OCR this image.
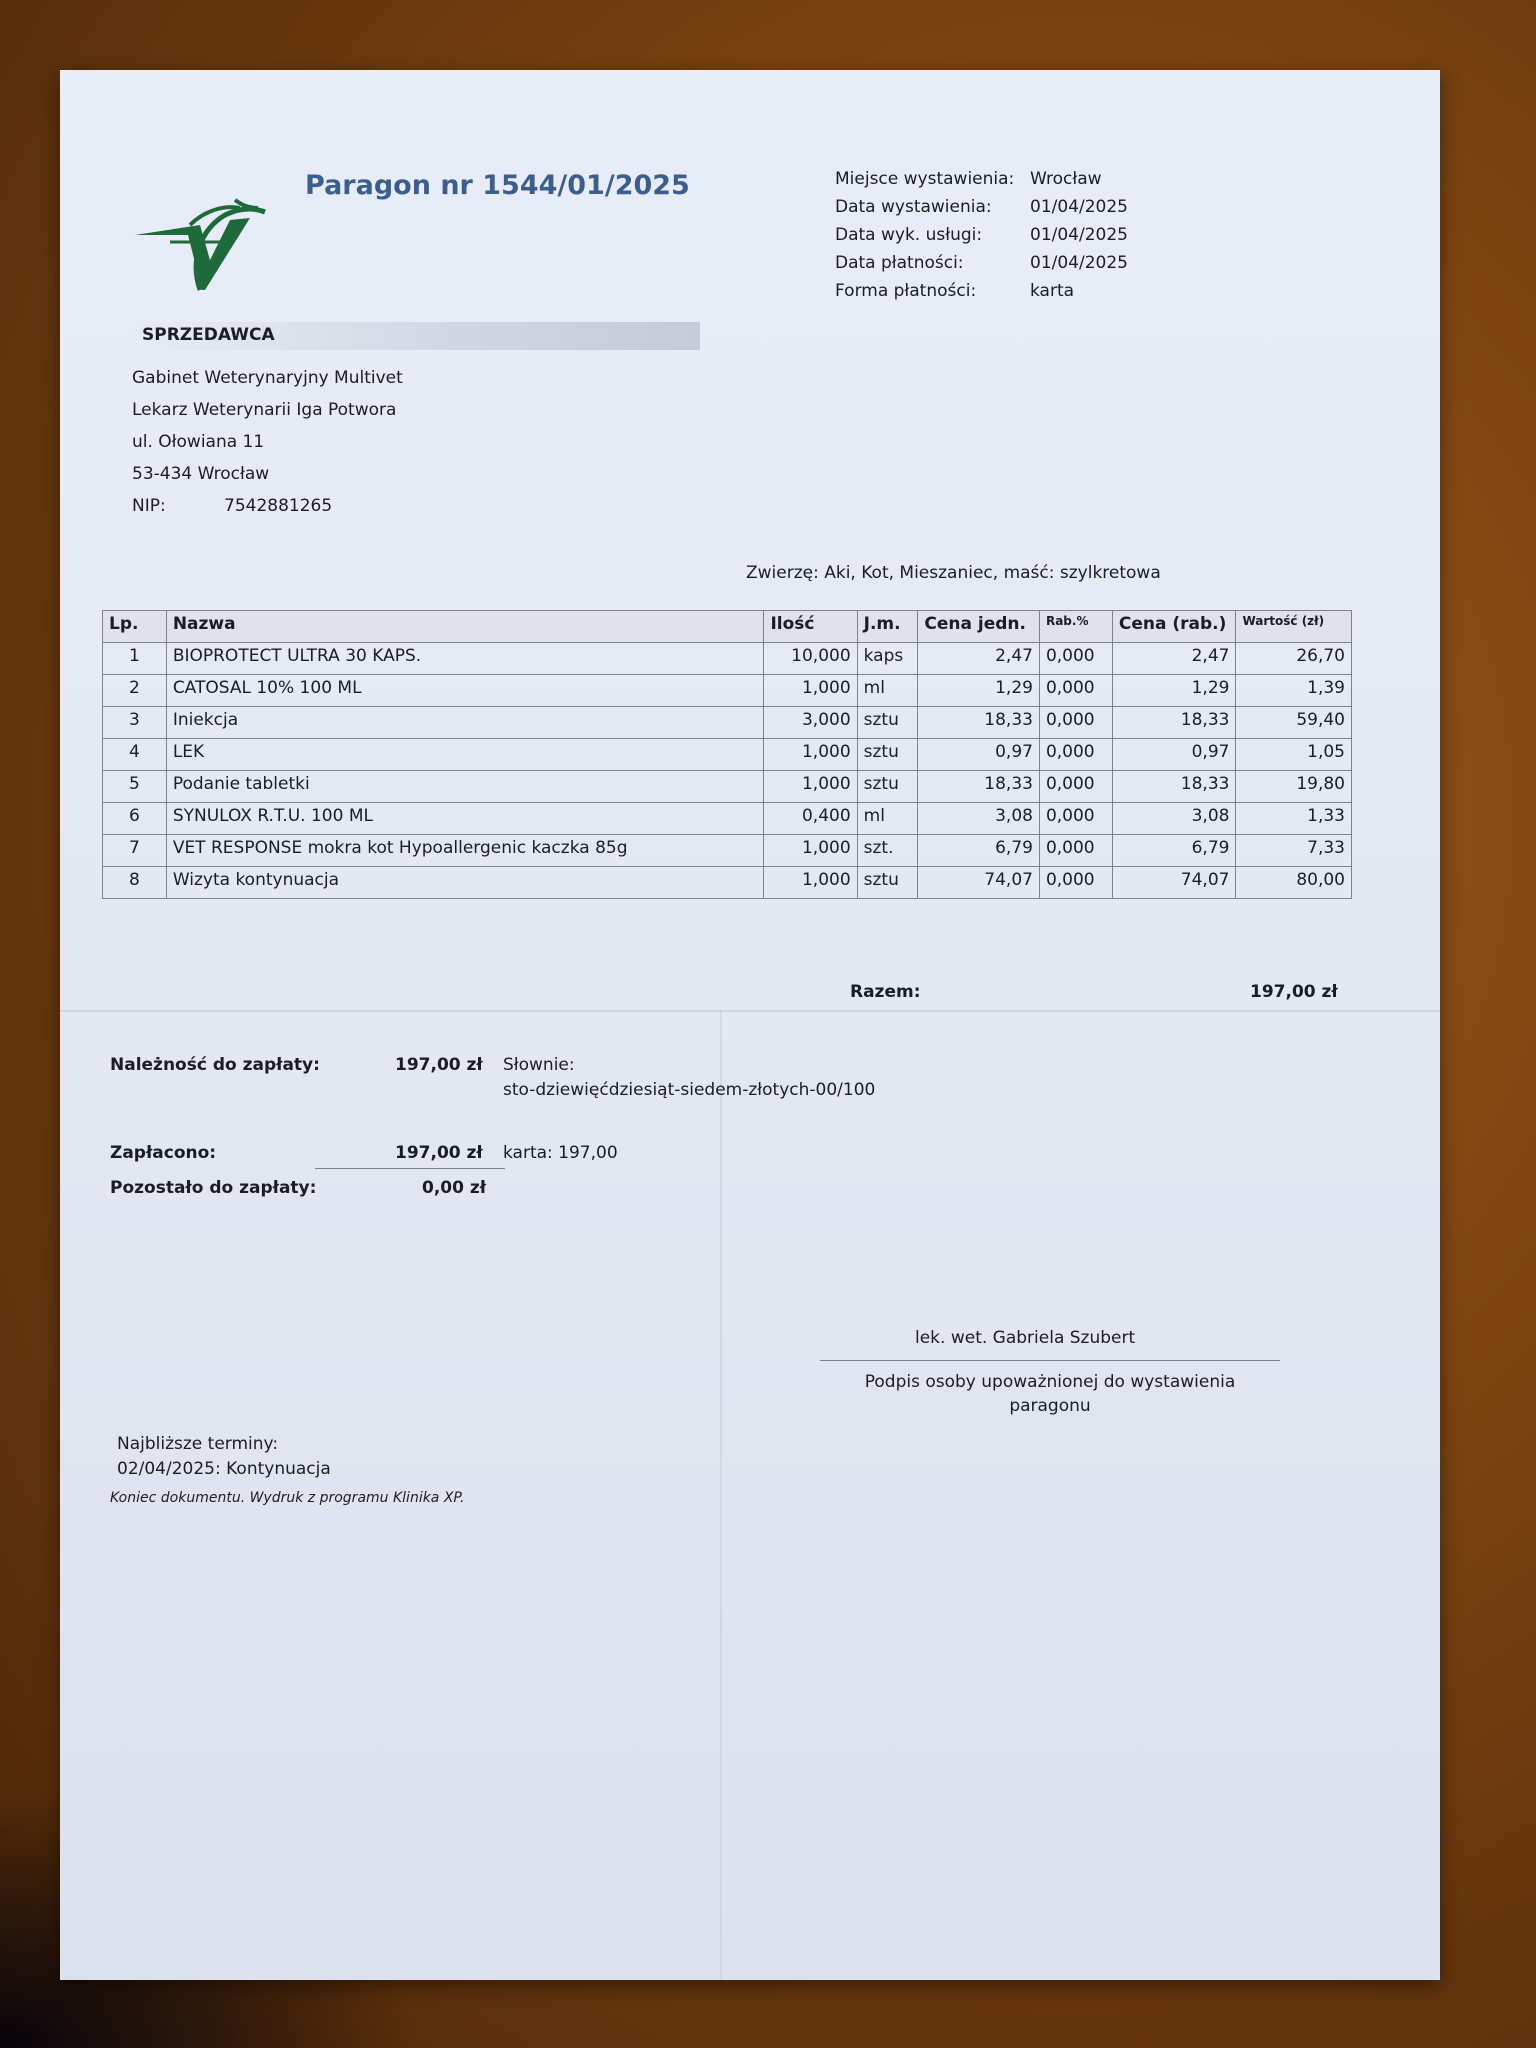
Paragon nr 1544/01/2025	Miejsce wystawienia: Wrocław
Data wystawienia:	01/04/2025
Data wyk. usługi:	01/04/2025
Data płatności:	01/04/2025
Forma płatności:	karta
SPRZEDAWCA
Gabinet Weterynaryjny Multivet
Lekarz Weterynarii Iga Potwora
ul. Ołowiana 11
53-434 Wrocław
NIP:	7542881265
Zwierzę: Aki, Kot, Mieszaniec, maść: szylkretowa
Lp.	Nazwa	Ilość	J.m.	Cena jedn.	Rab.%	Cena (rab.)	Wartość (zł)
1	BIOPROTECT ULTRA 30 KAPS.	10,000	kaps	2,47	0,000	2,47	26,70
2	CATOSAL 10% 100 ML	1,000	ml	1,29	0,000	1,29	1,39
3	Iniekcja	3,000	sztu	18,33	0,000	18,33	59,40
4	LEK	1,000	sztu	0,97	0,000	0,97	1,05
5	Podanie tabletki	1,000	sztu	18,33	0,000	18,33	19,80
6	SYNULOX R.T.U. 100 ML	0,400	ml	3,08	0,000	3,08	1,33
7	VET RESPONSE mokra kot Hypoallergenic kaczka 85g	1,000	szt.	6,79	0,000	6,79	7,33
8	Wizyta kontynuacja	1,000	sztu	74,07	0,000	74,07	80,00
Razem:	197,00 zł
Należność do zapłaty:	197,00 zł Słownie:
sto-dziewięćdziesiąt-siedem-złotych-00/100
Zapłacono:	197,00 zł karta: 197,00
Pozostało do zapłaty:	0,00 zł
lek. wet. Gabriela Szubert
Podpis osoby upoważnionej do wystawienia
paragonu
Najbliższe terminy:
02/04/2025: Kontynuacja
Koniec dokumentu. Wydruk z programu Klinika XP.
